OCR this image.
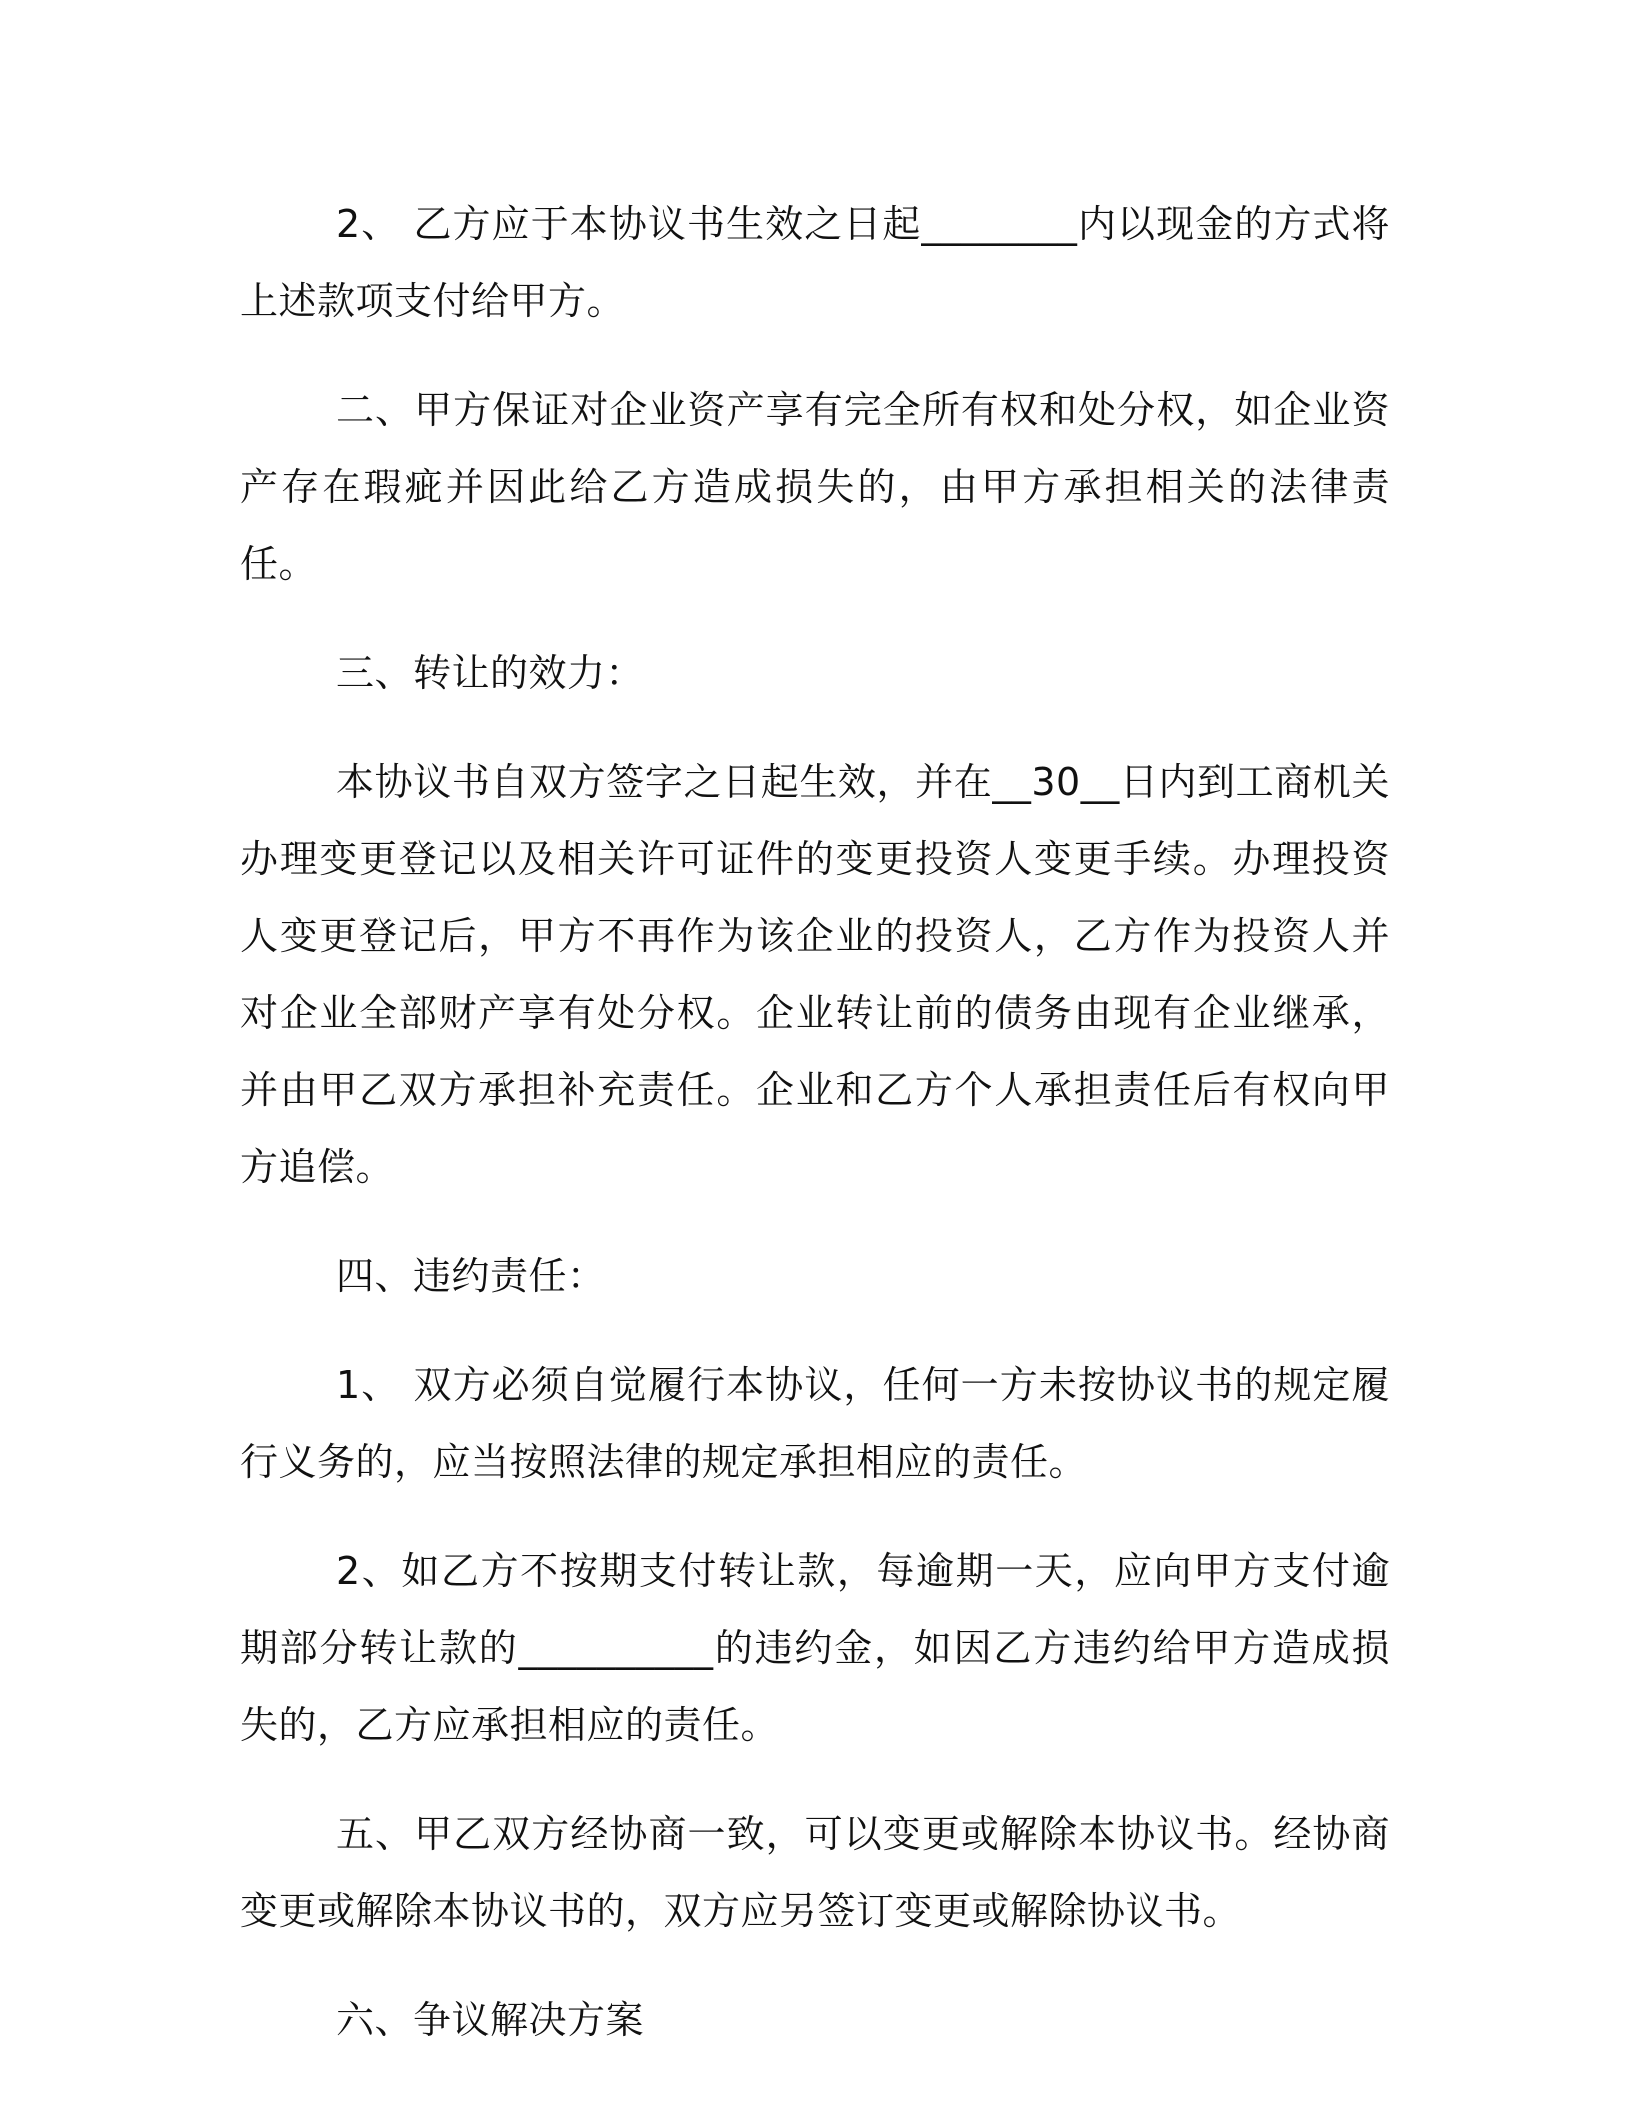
2、 乙方应于本协议书生效之日起________内以现金的方式将上述款项支付给甲方。

二、甲方保证对企业资产享有完全所有权和处分权，如企业资产存在瑕疵并因此给乙方造成损失的，由甲方承担相关的法律责任。

三、转让的效力：

本协议书自双方签字之日起生效，并在__30__日内到工商机关办理变更登记以及相关许可证件的变更投资人变更手续。办理投资人变更登记后，甲方不再作为该企业的投资人，乙方作为投资人并对企业全部财产享有处分权。企业转让前的债务由现有企业继承，并由甲乙双方承担补充责任。企业和乙方个人承担责任后有权向甲方追偿。

四、违约责任：

1、 双方必须自觉履行本协议，任何一方未按协议书的规定履行义务的，应当按照法律的规定承担相应的责任。

2、如乙方不按期支付转让款，每逾期一天，应向甲方支付逾期部分转让款的__________的违约金，如因乙方违约给甲方造成损失的，乙方应承担相应的责任。

五、甲乙双方经协商一致，可以变更或解除本协议书。经协商变更或解除本协议书的，双方应另签订变更或解除协议书。

六、争议解决方案
